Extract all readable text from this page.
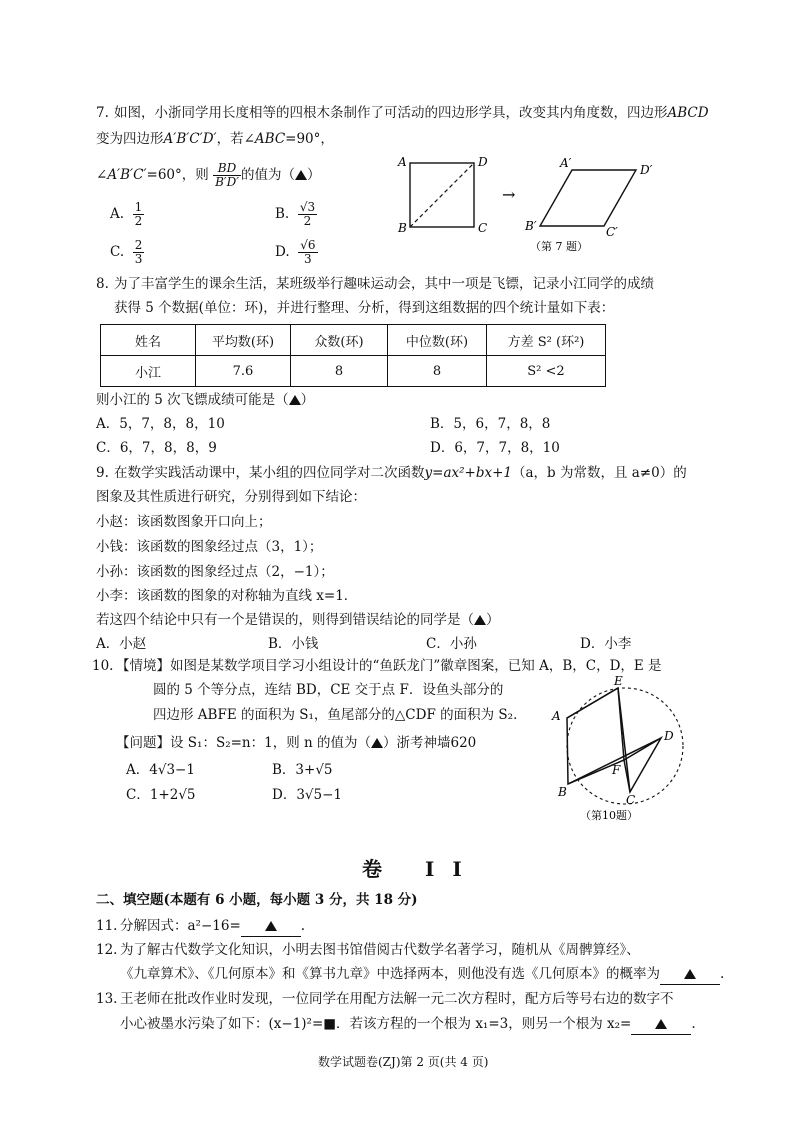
7. 如图，小浙同学用长度相等的四根木条制作了可活动的四边形学具，改变其内角度数，四边形ABCD
变为四边形A′B′C′D′，若∠ABC=90°，
∠A′B′C′=60°，则 $\frac{BD}{B'D'}$ 的值为（ ）
A. $\frac{1}{2}$	B. $\frac{√3}{2}$
C. $\frac{2}{3}$	D. $\frac{√6}{3}$
A	D
B	C
→
A′	D′
B′	C′
（第 7 题）
8. 为了丰富学生的课余生活，某班级举行趣味运动会，其中一项是飞镖，记录小江同学的成绩
获得 5 个数据(单位：环)，并进行整理、分析，得到这组数据的四个统计量如下表：
姓名	平均数(环)	众数(环)	中位数(环)	方差 S² (环²)
小江	7.6	8	8	S² <2
则小江的 5 次飞镖成绩可能是（ ）
A．5，7，8，8，10	B．5，6，7，8，8
C．6，7，8，8，9	D．6，7，7，8，10
9. 在数学实践活动课中，某小组的四位同学对二次函数y=ax²+bx+1（a，b 为常数，且 a≠0）的
图象及其性质进行研究，分别得到如下结论：
小赵：该函数图象开口向上；
小钱：该函数的图象经过点（3，1）；
小孙：该函数的图象经过点（2，−1）；
小李：该函数的图象的对称轴为直线 x=1．
若这四个结论中只有一个是错误的，则得到错误结论的同学是（ ）
A．小赵	B．小钱	C．小孙	D．小李
10. 【情境】如图是某数学项目学习小组设计的“鱼跃龙门”徽章图案，已知 A，B，C，D，E 是
圆的 5 个等分点，连结 BD，CE 交于点 F．设鱼头部分的
四边形 ABFE 的面积为 S₁，鱼尾部分的△CDF 的面积为 S₂．
【问题】设 S₁：S₂=n：1，则 n 的值为（ ）浙考神墙620
A．4√3−1	B．3+√5
C．1+2√5	D．3√5−1
E
A
D
F
B
C
（第10题）
卷 II
二、填空题(本题有 6 小题，每小题 3 分，共 18 分)
11. 分解因式：a²−16=	.
12. 为了解古代数学文化知识，小明去图书馆借阅古代数学名著学习，随机从《周髀算经》、
《九章算术》、《几何原本》和《算书九章》中选择两本，则他没有选《几何原本》的概率为	.
13. 王老师在批改作业时发现，一位同学在用配方法解一元二次方程时，配方后等号右边的数字不
小心被墨水污染了如下：(x−1)²=■．若该方程的一个根为 x₁=3，则另一个根为 x₂=	.
数学试题卷(ZJ)第 2 页(共 4 页)
